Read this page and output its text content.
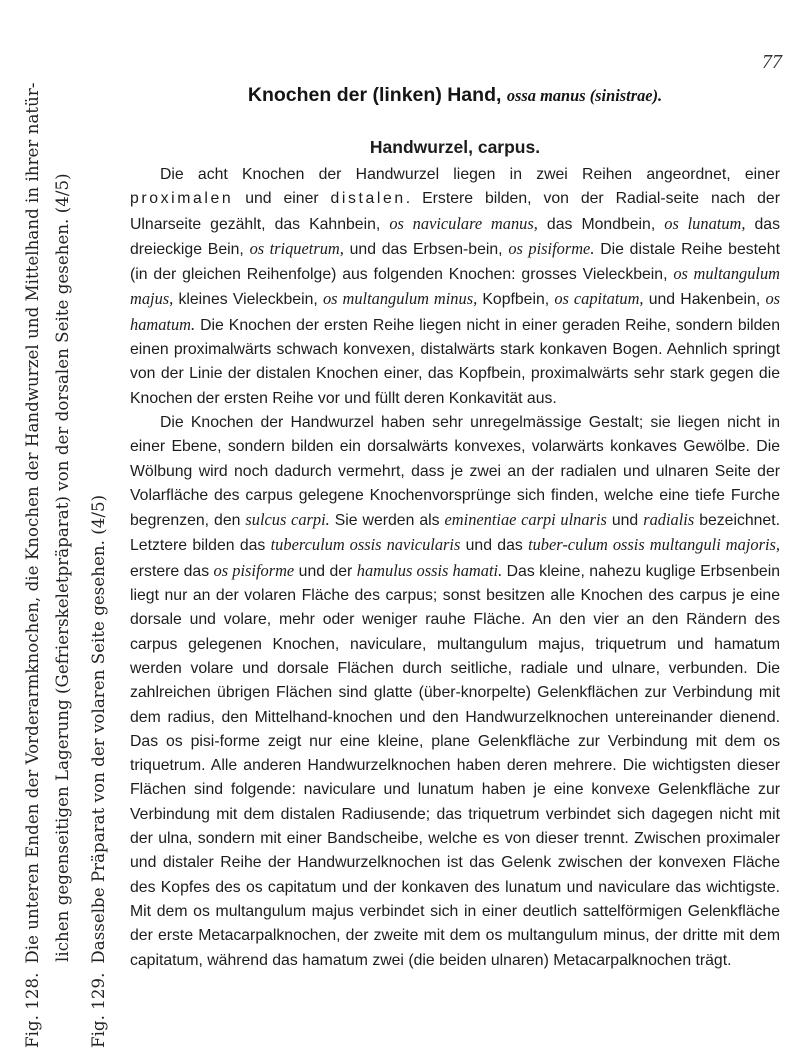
Fig. 128.Die unteren Enden der Vorderarmknochen, die Knochen der Handwurzel und Mittelhand in ihrer natür- lichen gegenseitigen Lagerung (Gefrierskeletpräparat) von der dorsalen Seite gesehen. (4/5)
Fig. 129.Dasselbe Präparat von der volaren Seite gesehen. (4/5)
77
Knochen der (linken) Hand, ossa manus (sinistrae).
Handwurzel, carpus.

Die acht Knochen der Handwurzel liegen in zwei Reihen angeordnet, einer proximalen und einer distalen. Erstere bilden, von der Radial-seite nach der Ulnarseite gezählt, das Kahnbein, os naviculare manus, das Mondbein, os lunatum, das dreieckige Bein, os triquetrum, und das Erbsen-bein, os pisiforme. Die distale Reihe besteht (in der gleichen Reihenfolge) aus folgenden Knochen: grosses Vieleckbein, os multangulum majus, kleines Vieleckbein, os multangulum minus, Kopfbein, os capitatum, und Hakenbein, os hamatum. Die Knochen der ersten Reihe liegen nicht in einer geraden Reihe, sondern bilden einen proximalwärts schwach konvexen, distalwärts stark konkaven Bogen. Aehnlich springt von der Linie der distalen Knochen einer, das Kopfbein, proximalwärts sehr stark gegen die Knochen der ersten Reihe vor und füllt deren Konkavität aus.

Die Knochen der Handwurzel haben sehr unregelmässige Gestalt; sie liegen nicht in einer Ebene, sondern bilden ein dorsalwärts konvexes, volarwärts konkaves Gewölbe. Die Wölbung wird noch dadurch vermehrt, dass je zwei an der radialen und ulnaren Seite der Volarfläche des carpus gelegene Knochenvorsprünge sich finden, welche eine tiefe Furche begrenzen, den sulcus carpi. Sie werden als eminentiae carpi ulnaris und radialis bezeichnet. Letztere bilden das tuberculum ossis navicularis und das tuber-culum ossis multanguli majoris, erstere das os pisiforme und der hamulus ossis hamati. Das kleine, nahezu kuglige Erbsenbein liegt nur an der volaren Fläche des carpus; sonst besitzen alle Knochen des carpus je eine dorsale und volare, mehr oder weniger rauhe Fläche. An den vier an den Rändern des carpus gelegenen Knochen, naviculare, multangulum majus, triquetrum und hamatum werden volare und dorsale Flächen durch seitliche, radiale und ulnare, verbunden. Die zahlreichen übrigen Flächen sind glatte (über-knorpelte) Gelenkflächen zur Verbindung mit dem radius, den Mittelhand-knochen und den Handwurzelknochen untereinander dienend. Das os pisi-forme zeigt nur eine kleine, plane Gelenkfläche zur Verbindung mit dem os triquetrum. Alle anderen Handwurzelknochen haben deren mehrere. Die wichtigsten dieser Flächen sind folgende: naviculare und lunatum haben je eine konvexe Gelenkfläche zur Verbindung mit dem distalen Radiusende; das triquetrum verbindet sich dagegen nicht mit der ulna, sondern mit einer Bandscheibe, welche es von dieser trennt. Zwischen proximaler und distaler Reihe der Handwurzelknochen ist das Gelenk zwischen der konvexen Fläche des Kopfes des os capitatum und der konkaven des lunatum und naviculare das wichtigste. Mit dem os multangulum majus verbindet sich in einer deutlich sattelförmigen Gelenkfläche der erste Metacarpalknochen, der zweite mit dem os multangulum minus, der dritte mit dem capitatum, während das hamatum zwei (die beiden ulnaren) Metacarpalknochen trägt.
